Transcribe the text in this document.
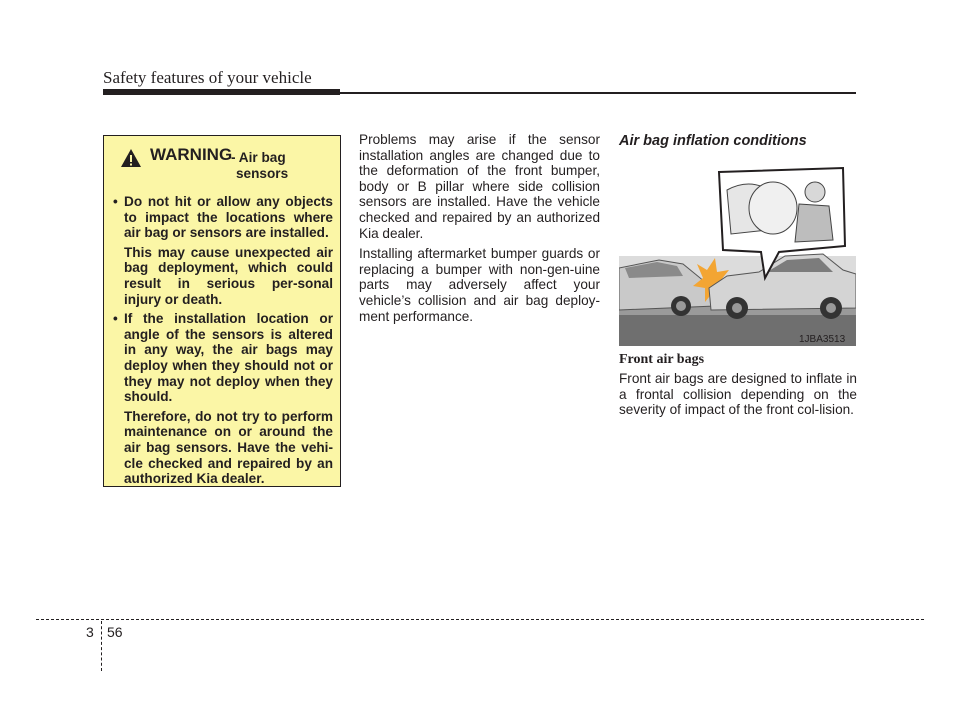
Safety features of your vehicle
WARNING
- Air bag
sensors
• Do not hit or allow any objects to impact the locations where air bag or sensors are installed.
This may cause unexpected air bag deployment, which could result in serious per-sonal injury or death.
• If the installation location or angle of the sensors is altered in any way, the air bags may deploy when they should not or they may not deploy when they should.
Therefore, do not try to perform maintenance on or around the air bag sensors. Have the vehi-cle checked and repaired by an authorized Kia dealer.

Problems may arise if the sensor installation angles are changed due to the deformation of the front bumper, body or B pillar where side collision sensors are installed. Have the vehicle checked and repaired by an authorized Kia dealer.

Installing aftermarket bumper guards or replacing a bumper with non-gen-uine parts may adversely affect your vehicle’s collision and air bag deploy-ment performance.

Air bag inflation conditions
1JBA3513
Front air bags

Front air bags are designed to inflate in a frontal collision depending on the severity of impact of the front col-lision.

3 56
